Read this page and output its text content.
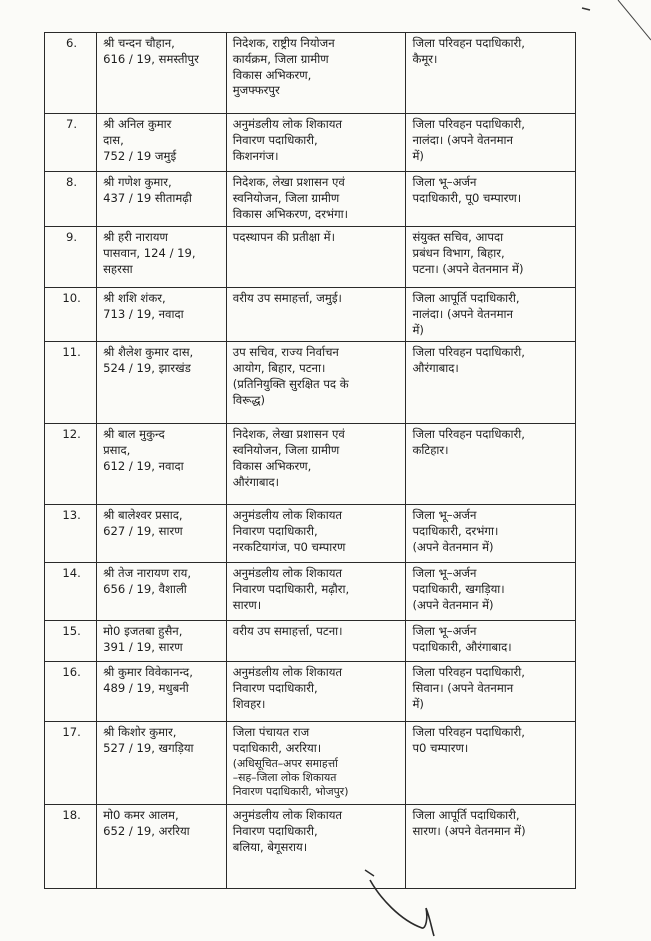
6.	श्री चन्दन चौहान,
616 / 19, समस्तीपुर	निदेशक, राष्ट्रीय नियोजन
कार्यक्रम, जिला ग्रामीण
विकास अभिकरण,
मुजफ्फरपुर	जिला परिवहन पदाधिकारी,
कैमूर।

7.	श्री अनिल कुमार
दास,
752 / 19 जमुई	अनुमंडलीय लोक शिकायत
निवारण पदाधिकारी,
किशनगंज।	जिला परिवहन पदाधिकारी,
नालंदा। (अपने वेतनमान
में)

8.	श्री गणेश कुमार,
437 / 19 सीतामढ़ी	निदेशक, लेखा प्रशासन एवं
स्वनियोजन, जिला ग्रामीण
विकास अभिकरण, दरभंगा।	जिला भू–अर्जन
पदाधिकारी, पू0 चम्पारण।

9.	श्री हरी नारायण
पासवान, 124 / 19,
सहरसा	पदस्थापन की प्रतीक्षा में।	संयुक्त सचिव, आपदा
प्रबंधन विभाग, बिहार,
पटना। (अपने वेतनमान में)

10.	श्री शशि शंकर,
713 / 19, नवादा	वरीय उप समाहर्त्ता, जमुई।	जिला आपूर्ति पदाधिकारी,
नालंदा। (अपने वेतनमान
में)

11.	श्री शैलेश कुमार दास,
524 / 19, झारखंड	उप सचिव, राज्य निर्वाचन
आयोग, बिहार, पटना।
(प्रतिनियुक्ति सुरक्षित पद के
विरूद्ध)	जिला परिवहन पदाधिकारी,
औरंगाबाद।

12.	श्री बाल मुकुन्द
प्रसाद,
612 / 19, नवादा	निदेशक, लेखा प्रशासन एवं
स्वनियोजन, जिला ग्रामीण
विकास अभिकरण,
औरंगाबाद।	जिला परिवहन पदाधिकारी,
कटिहार।

13.	श्री बालेश्वर प्रसाद,
627 / 19, सारण	अनुमंडलीय लोक शिकायत
निवारण पदाधिकारी,
नरकटियागंज, प0 चम्पारण	जिला भू–अर्जन
पदाधिकारी, दरभंगा।
(अपने वेतनमान में)

14.	श्री तेज नारायण राय,
656 / 19, वैशाली	अनुमंडलीय लोक शिकायत
निवारण पदाधिकारी, मढ़ौरा,
सारण।	जिला भू–अर्जन
पदाधिकारी, खगड़िया।
(अपने वेतनमान में)

15.	मो0 इजतबा हुसैन,
391 / 19, सारण	वरीय उप समाहर्त्ता, पटना।	जिला भू–अर्जन
पदाधिकारी, औरंगाबाद।

16.	श्री कुमार विवेकानन्द,
489 / 19, मधुबनी	अनुमंडलीय लोक शिकायत
निवारण पदाधिकारी,
शिवहर।	जिला परिवहन पदाधिकारी,
सिवान। (अपने वेतनमान
में)

17.	श्री किशोर कुमार,
527 / 19, खगड़िया	जिला पंचायत राज
पदाधिकारी, अररिया।
(अधिसूचित–अपर समाहर्त्ता
–सह–जिला लोक शिकायत
निवारण पदाधिकारी, भोजपुर)	जिला परिवहन पदाधिकारी,
प0 चम्पारण।

18.	मो0 कमर आलम,
652 / 19, अररिया	अनुमंडलीय लोक शिकायत
निवारण पदाधिकारी,
बलिया, बेगूसराय।	जिला आपूर्ति पदाधिकारी,
सारण। (अपने वेतनमान में)
